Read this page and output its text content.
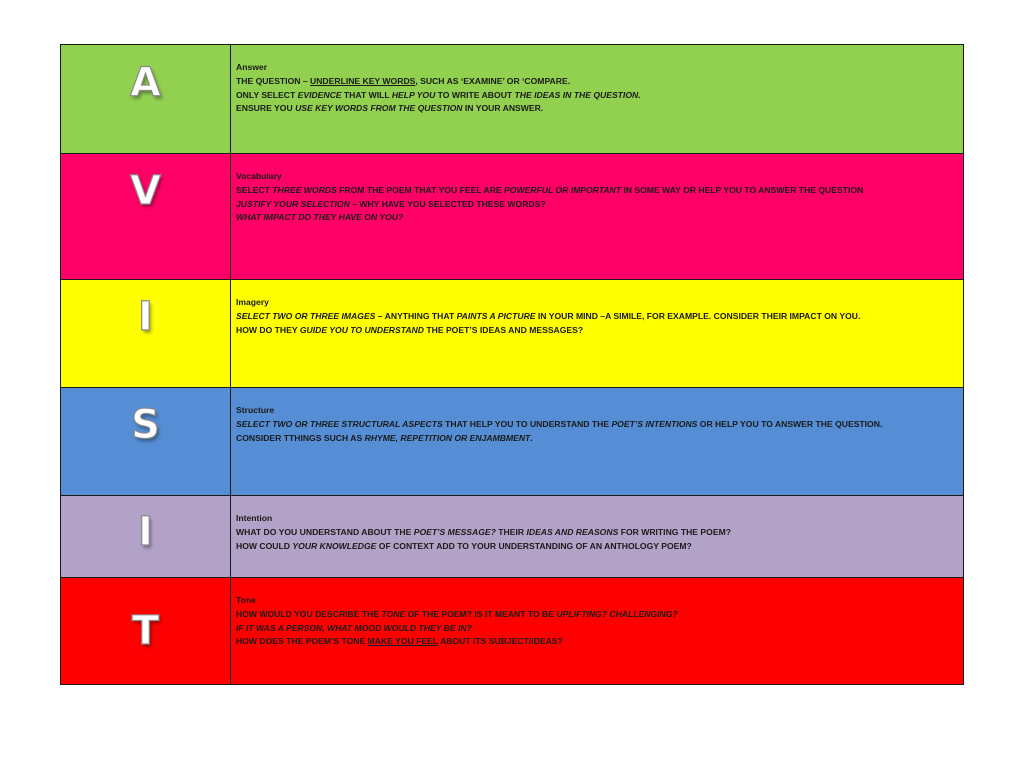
A	Answer
THE QUESTION – UNDERLINE KEY WORDS, SUCH AS ‘EXAMINE’ OR ‘COMPARE.
ONLY SELECT EVIDENCE THAT WILL HELP YOU TO WRITE ABOUT THE IDEAS IN THE QUESTION.
ENSURE YOU USE KEY WORDS FROM THE QUESTION IN YOUR ANSWER.
V	Vocabulary
SELECT THREE WORDS FROM THE POEM THAT YOU FEEL ARE POWERFUL OR IMPORTANT IN SOME WAY OR HELP YOU TO ANSWER THE QUESTION
JUSTIFY YOUR SELECTION – WHY HAVE YOU SELECTED THESE WORDS?
WHAT IMPACT DO THEY HAVE ON YOU?
I	Imagery
SELECT TWO OR THREE IMAGES – ANYTHING THAT PAINTS A PICTURE IN YOUR MIND –A SIMILE, FOR EXAMPLE. CONSIDER THEIR IMPACT ON YOU.
HOW DO THEY GUIDE YOU TO UNDERSTAND THE POET’S IDEAS AND MESSAGES?
S	Structure
SELECT TWO OR THREE STRUCTURAL ASPECTS THAT HELP YOU TO UNDERSTAND THE POET’S INTENTIONS OR HELP YOU TO ANSWER THE QUESTION.
CONSIDER TTHINGS SUCH AS RHYME, REPETITION OR ENJAMBMENT.
I	Intention
WHAT DO YOU UNDERSTAND ABOUT THE POET’S MESSAGE? THEIR IDEAS AND REASONS FOR WRITING THE POEM?
HOW COULD YOUR KNOWLEDGE OF CONTEXT ADD TO YOUR UNDERSTANDING OF AN ANTHOLOGY POEM?
T
Tone
HOW WOULD YOU DESCRIBE THE TONE OF THE POEM? IS IT MEANT TO BE UPLIFTING? CHALLENGING?
IF IT WAS A PERSON, WHAT MOOD WOULD THEY BE IN?
HOW DOES THE POEM’S TONE MAKE YOU FEEL ABOUT ITS SUBJECT/IDEAS?
